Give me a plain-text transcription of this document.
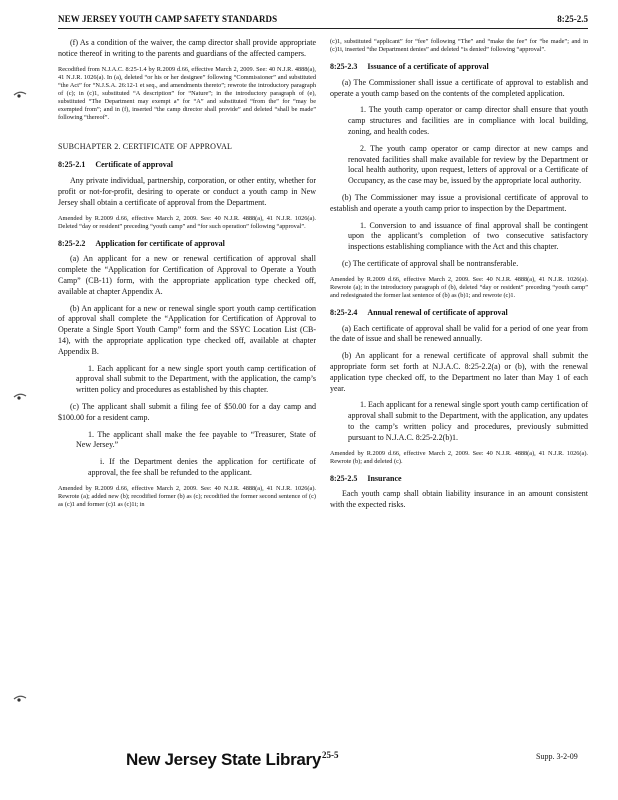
NEW JERSEY YOUTH CAMP SAFETY STANDARDS	8:25-2.5

(f) As a condition of the waiver, the camp director shall provide appropriate notice thereof in writing to the parents and guardians of the affected campers.

Recodified from N.J.A.C. 8:25-1.4 by R.2009 d.66, effective March 2, 2009. See: 40 N.J.R. 4888(a), 41 N.J.R. 1026(a). In (a), deleted “or his or her designee” following “Commissioner” and substituted “the Act” for “N.J.S.A. 26:12-1 et seq., and amendments thereto”; rewrote the introductory paragraph of (c); in (c)1, substituted “A description” for “Nature”; in the introductory paragraph of (e), substituted “The Department may exempt a” for “A” and substituted “from the” for “may be exempted from”; and in (f), inserted “the camp director shall provide” and deleted “shall be made” following “thereof”.
SUBCHAPTER 2. CERTIFICATE OF APPROVAL
8:25-2.1 Certificate of approval

Any private individual, partnership, corporation, or other entity, whether for profit or not-for-profit, desiring to operate or conduct a youth camp in New Jersey shall obtain a certificate of approval from the Department.

Amended by R.2009 d.66, effective March 2, 2009. See: 40 N.J.R. 4888(a), 41 N.J.R. 1026(a). Deleted “day or resident” preceding “youth camp” and “for such operation” following “approval”.
8:25-2.2 Application for certificate of approval

(a) An applicant for a new or renewal certification of approval shall complete the “Application for Certification of Approval to Operate a Youth Camp” (CB-11) form, with the appropriate application type checked off, available at chapter Appendix A.

(b) An applicant for a new or renewal single sport youth camp certification of approval shall complete the “Application for Certification of Approval to Operate a Single Sport Youth Camp” form and the SSYC Location List (CB-14), with the appropriate application type checked off, available at chapter Appendix B.

1. Each applicant for a new single sport youth camp certification of approval shall submit to the Department, with the application, the camp’s written policy and procedures as established by this chapter.

(c) The applicant shall submit a filing fee of $50.00 for a day camp and $100.00 for a resident camp.

1. The applicant shall make the fee payable to “Treasurer, State of New Jersey.”
i. If the Department denies the application for certificate of approval, the fee shall be refunded to the applicant.
Amended by R.2009 d.66, effective March 2, 2009. See: 40 N.J.R. 4888(a), 41 N.J.R. 1026(a). Rewrote (a); added new (b); recodified former (b) as (c); recodified the former second sentence of (c) as (c)1 and former (c)1 as (c)1i; in
(c)1, substituted “applicant” for “fee” following “The” and “make the fee” for “be made”; and in (c)1i, inserted “the Department denies” and deleted “is denied” following “approval”.
8:25-2.3 Issuance of a certificate of approval

(a) The Commissioner shall issue a certificate of approval to establish and operate a youth camp based on the contents of the completed application.

1. The youth camp operator or camp director shall ensure that youth camp structures and facilities are in compliance with local building, zoning, and health codes.
2. The youth camp operator or camp director at new camps and renovated facilities shall make available for review by the Department or local health authority, upon request, letters of approval or a Certificate of Occupancy, as the case may be, issued by the appropriate local authority.

(b) The Commissioner may issue a provisional certificate of approval to establish and operate a youth camp prior to inspection by the Department.

1. Conversion to and issuance of final approval shall be contingent upon the applicant’s completion of two consecutive satisfactory inspections establishing compliance with the Act and this chapter.

(c) The certificate of approval shall be nontransferable.

Amended by R.2009 d.66, effective March 2, 2009. See: 40 N.J.R. 4888(a), 41 N.J.R. 1026(a). Rewrote (a); in the introductory paragraph of (b), deleted “day or resident” preceding “youth camp” and redesignated the former last sentence of (b) as (b)1; and rewrote (c)1.
8:25-2.4 Annual renewal of certificate of approval

(a) Each certificate of approval shall be valid for a period of one year from the date of issue and shall be renewed annually.

(b) An applicant for a renewal certificate of approval shall submit the appropriate form set forth at N.J.A.C. 8:25-2.2(a) or (b), with the renewal application type checked off, to the Department no later than May 1 of each year.

1. Each applicant for a renewal single sport youth camp certification of approval shall submit to the Department, with the application, any updates to the camp’s written policy and procedures, previously submitted pursuant to N.J.A.C. 8:25-2.2(b)1.
Amended by R.2009 d.66, effective March 2, 2009. See: 40 N.J.R. 4888(a), 41 N.J.R. 1026(a). Rewrote (b); and deleted (c).
8:25-2.5 Insurance

Each youth camp shall obtain liability insurance in an amount consistent with the expected risks.

New Jersey State Library 25-5	Supp. 3-2-09
